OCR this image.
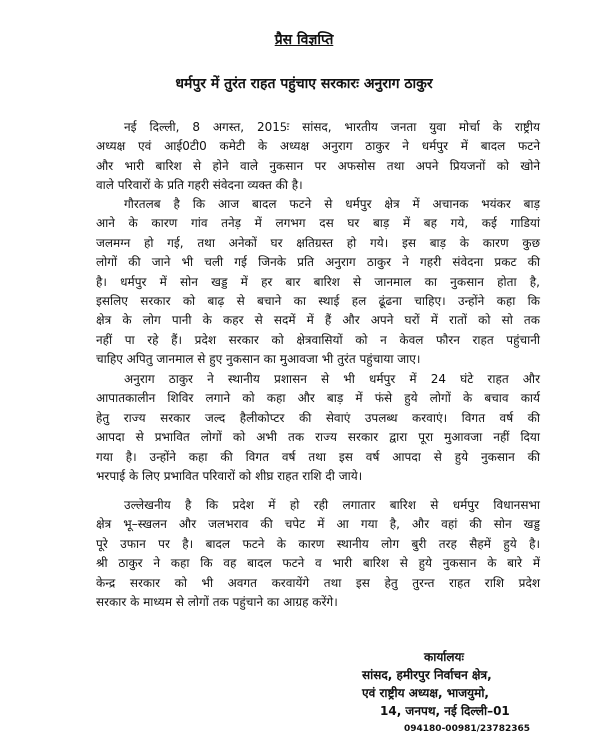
प्रैस विज्ञप्ति
धर्मपुर में तुरंत राहत पहुंचाए सरकारः अनुराग ठाकुर
नई दिल्ली, 8 अगस्त, 2015ः सांसद, भारतीय जनता युवा मोर्चा के राष्ट्रीय
अध्यक्ष एवं आई0टी0 कमेटी के अध्यक्ष अनुराग ठाकुर ने धर्मपुर में बादल फटने
और भारी बारिश से होने वाले नुकसान पर अफसोस तथा अपने प्रियजनों को खोने
वाले परिवारों के प्रति गहरी संवेदना व्यक्त की है।
गौरतलब है कि आज बादल फटने से धर्मपुर क्षेत्र में अचानक भयंकर बाड़
आने के कारण गांव तनेड़ में लगभग दस घर बाड़ में बह गये, कई गाडियां
जलमग्न हो गई, तथा अनेकों घर क्षतिग्रस्त हो गये। इस बाड़ के कारण कुछ
लोगों की जाने भी चली गई जिनके प्रति अनुराग ठाकुर ने गहरी संवेदना प्रकट की
है। धर्मपुर में सोन खड्ड में हर बार बारिश से जानमाल का नुकसान होता है,
इसलिए सरकार को बाढ़ से बचाने का स्थाई हल ढूंढना चाहिए। उन्होंने कहा कि
क्षेत्र के लोग पानी के कहर से सदमें में हैं और अपने घरों में रातों को सो तक
नहीं पा रहे हैं। प्रदेश सरकार को क्षेत्रवासियों को न केवल फौरन राहत पहुंचानी
चाहिए अपितु जानमाल से हुए नुकसान का मुआवजा भी तुरंत पहुंचाया जाए।
अनुराग ठाकुर ने स्थानीय प्रशासन से भी धर्मपुर में 24 घंटे राहत और
आपातकालीन शिविर लगाने को कहा और बाड़ में फंसे हुये लोगों के बचाव कार्य
हेतु राज्य सरकार जल्द हैलीकोप्टर की सेवाएं उपलब्ध करवाएं। विगत वर्ष की
आपदा से प्रभावित लोगों को अभी तक राज्य सरकार द्वारा पूरा मुआवजा नहीं दिया
गया है। उन्होंने कहा की विगत वर्ष तथा इस वर्ष आपदा से हुये नुकसान की
भरपाई के लिए प्रभावित परिवारों को शीघ्र राहत राशि दी जाये।
उल्लेखनीय है कि प्रदेश में हो रही लगातार बारिश से धर्मपुर विधानसभा
क्षेत्र भू–स्खलन और जलभराव की चपेट में आ गया है, और वहां की सोन खड्ड
पूरे उफान पर है। बादल फटने के कारण स्थानीय लोग बुरी तरह सैहमें हुये है।
श्री ठाकुर ने कहा कि वह बादल फटने व भारी बारिश से हुये नुकसान के बारे में
केन्द्र सरकार को भी अवगत करवायेंगे तथा इस हेतु तुरन्त राहत राशि प्रदेश
सरकार के माध्यम से लोगों तक पहुंचाने का आग्रह करेंगे।
कार्यालयः
सांसद, हमीरपुर निर्वाचन क्षेत्र,
एवं राष्ट्रीय अध्यक्ष, भाजयुमो,
14, जनपथ, नई दिल्ली–01
094180-00981/23782365
